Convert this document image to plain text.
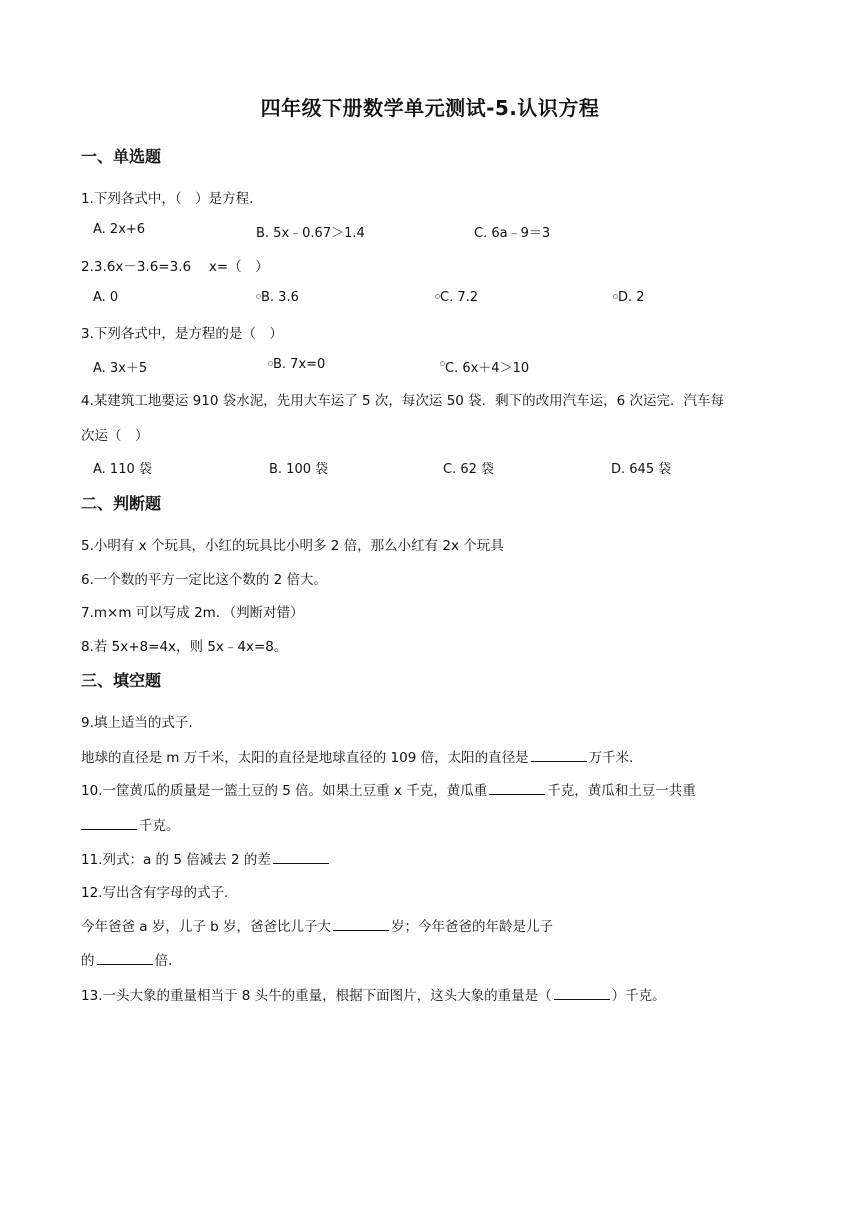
四年级下册数学单元测试-5.认识方程
一、单选题
1.下列各式中，（　）是方程.
A. 2x+6	B. 5x﹣0.67＞1.4	C. 6a﹣9＝3
2.3.6x－3.6=3.6　 x=（　）
A. 0	B. 3.6	C. 7.2	D. 2
3.下列各式中，是方程的是（　）
A. 3x＋5	B. 7x=0	C. 6x＋4＞10
4.某建筑工地要运 910 袋水泥，先用大车运了 5 次，每次运 50 袋．剩下的改用汽车运，6 次运完．汽车每
次运（　）
A. 110 袋	B. 100 袋	C. 62 袋	D. 645 袋
二、判断题
5.小明有 x 个玩具，小红的玩具比小明多 2 倍，那么小红有 2x 个玩具
6.一个数的平方一定比这个数的 2 倍大。
7.m×m 可以写成 2m．（判断对错）
8.若 5x+8=4x，则 5x﹣4x=8。
三、填空题
9.填上适当的式子.
地球的直径是 m 万千米，太阳的直径是地球直径的 109 倍，太阳的直径是	万千米.
10.一筐黄瓜的质量是一篮土豆的 5 倍。如果土豆重 x 千克，黄瓜重	千克，黄瓜和土豆一共重
千克。
11.列式：a 的 5 倍减去 2 的差
12.写出含有字母的式子.
今年爸爸 a 岁，儿子 b 岁，爸爸比儿子大	岁；今年爸爸的年龄是儿子
的	倍.
13.一头大象的重量相当于 8 头牛的重量，根据下面图片，这头大象的重量是（	）千克。
